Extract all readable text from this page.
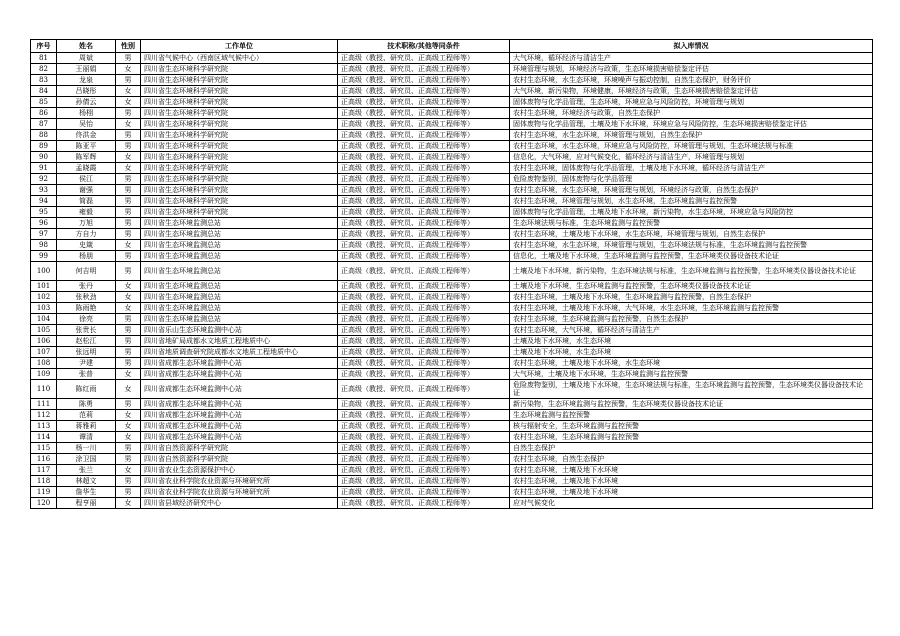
序号	姓名	性别	工作单位	技术职称/其他等同条件	拟入库情况
81	周斌	男	四川省气候中心（西南区域气候中心）	正高级（教授、研究员、正高级工程师等）	大气环境，循环经济与清洁生产
82	王丽娟	女	四川省生态环境科学研究院	正高级（教授、研究员、正高级工程师等）	环境管理与规划，环境经济与政策，生态环境损害赔偿鉴定评估
83	龙泉	男	四川省生态环境科学研究院	正高级（教授、研究员、正高级工程师等）	农村生态环境，水生态环境，环境噪声与振动控制，自然生态保护，财务评价
84	吕晓彤	女	四川省生态环境科学研究院	正高级（教授、研究员、正高级工程师等）	大气环境，新污染物，环境健康，环境经济与政策，生态环境损害赔偿鉴定评估
85	孙倩云	女	四川省生态环境科学研究院	正高级（教授、研究员、正高级工程师等）	固体废物与化学品管理，生态环境，环境应急与风险防控，环境管理与规划
86	杨栩	男	四川省生态环境科学研究院	正高级（教授、研究员、正高级工程师等）	农村生态环境，环境经济与政策，自然生态保护
87	吴怡	女	四川省生态环境科学研究院	正高级（教授、研究员、正高级工程师等）	固体废物与化学品管理，土壤及地下水环境，环境应急与风险防控，生态环境损害赔偿鉴定评估
88	佟洪金	男	四川省生态环境科学研究院	正高级（教授、研究员、正高级工程师等）	农村生态环境，水生态环境，环境管理与规划，自然生态保护
89	陈亚平	男	四川省生态环境科学研究院	正高级（教授、研究员、正高级工程师等）	农村生态环境，水生态环境，环境应急与风险防控，环境管理与规划，生态环境法规与标准
90	陈军辉	女	四川省生态环境科学研究院	正高级（教授、研究员、正高级工程师等）	信息化，大气环境，应对气候变化，循环经济与清洁生产，环境管理与规划
91	孟晓霞	女	四川省生态环境科学研究院	正高级（教授、研究员、正高级工程师等）	农村生态环境，固体废物与化学品管理，土壤及地下水环境，循环经济与清洁生产
92	侯江	男	四川省生态环境科学研究院	正高级（教授、研究员、正高级工程师等）	危险废物鉴别，固体废物与化学品管理
93	谢强	男	四川省生态环境科学研究院	正高级（教授、研究员、正高级工程师等）	农村生态环境，水生态环境，环境管理与规划，环境经济与政策，自然生态保护
94	简磊	男	四川省生态环境科学研究院	正高级（教授、研究员、正高级工程师等）	农村生态环境，环境管理与规划，水生态环境，生态环境监测与监控预警
95	雍毅	男	四川省生态环境科学研究院	正高级（教授、研究员、正高级工程师等）	固体废物与化学品管理，土壤及地下水环境，新污染物，水生态环境，环境应急与风险防控
96	万旭	男	四川省生态环境监测总站	正高级（教授、研究员、正高级工程师等）	生态环境法规与标准，生态环境监测与监控预警
97	方自力	男	四川省生态环境监测总站	正高级（教授、研究员、正高级工程师等）	农村生态环境，土壤及地下水环境，水生态环境，环境管理与规划，自然生态保护
98	史箴	女	四川省生态环境监测总站	正高级（教授、研究员、正高级工程师等）	农村生态环境，水生态环境，环境管理与规划，生态环境法规与标准，生态环境监测与监控预警
99	杨朋	男	四川省生态环境监测总站	正高级（教授、研究员、正高级工程师等）	信息化，土壤及地下水环境，生态环境监测与监控预警，生态环境类仪器设备技术论证
100	何吉明	男	四川省生态环境监测总站	正高级（教授、研究员、正高级工程师等）	土壤及地下水环境，新污染物，生态环境法规与标准，生态环境监测与监控预警，生态环境类仪器设备技术论证
101	张丹	女	四川省生态环境监测总站	正高级（教授、研究员、正高级工程师等）	土壤及地下水环境，生态环境监测与监控预警，生态环境类仪器设备技术论证
102	张秋劲	女	四川省生态环境监测总站	正高级（教授、研究员、正高级工程师等）	农村生态环境，土壤及地下水环境，生态环境监测与监控预警，自然生态保护
103	陈雨艳	女	四川省生态环境监测总站	正高级（教授、研究员、正高级工程师等）	农村生态环境，土壤及地下水环境，大气环境，水生态环境，生态环境监测与监控预警
104	徐亮	男	四川省生态环境监测总站	正高级（教授、研究员、正高级工程师等）	农村生态环境，生态环境监测与监控预警，自然生态保护
105	张贵长	男	四川省乐山生态环境监测中心站	正高级（教授、研究员、正高级工程师等）	农村生态环境，大气环境，循环经济与清洁生产
106	赵松江	男	四川省地矿局成都水文地质工程地质中心	正高级（教授、研究员、正高级工程师等）	土壤及地下水环境，水生态环境
107	张远明	男	四川省地质调查研究院成都水文地质工程地质中心	正高级（教授、研究员、正高级工程师等）	土壤及地下水环境，水生态环境
108	尹建	男	四川省成都生态环境监测中心站	正高级（教授、研究员、正高级工程师等）	农村生态环境，土壤及地下水环境，水生态环境
109	张普	女	四川省成都生态环境监测中心站	正高级（教授、研究员、正高级工程师等）	大气环境，土壤及地下水环境，生态环境监测与监控预警
110	陈红雨	女	四川省成都生态环境监测中心站	正高级（教授、研究员、正高级工程师等）	危险废物鉴别，土壤及地下水环境，生态环境法规与标准，生态环境监测与监控预警，生态环境类仪器设备技术论证
111	陈勇	男	四川省成都生态环境监测中心站	正高级（教授、研究员、正高级工程师等）	新污染物，生态环境监测与监控预警，生态环境类仪器设备技术论证
112	范莉	女	四川省成都生态环境监测中心站	正高级（教授、研究员、正高级工程师等）	生态环境监测与监控预警
113	蒋雅莉	女	四川省成都生态环境监测中心站	正高级（教授、研究员、正高级工程师等）	核与辐射安全，生态环境监测与监控预警
114	谭清	女	四川省成都生态环境监测中心站	正高级（教授、研究员、正高级工程师等）	农村生态环境，生态环境监测与监控预警
115	杨一川	男	四川省自然资源科学研究院	正高级（教授、研究员、正高级工程师等）	自然生态保护
116	涂卫国	男	四川省自然资源科学研究院	正高级（教授、研究员、正高级工程师等）	农村生态环境，自然生态保护
117	张兰	女	四川省农业生态资源保护中心	正高级（教授、研究员、正高级工程师等）	农村生态环境，土壤及地下水环境
118	林超文	男	四川省农业科学院农业资源与环境研究所	正高级（教授、研究员、正高级工程师等）	农村生态环境，土壤及地下水环境
119	詹华生	男	四川省农业科学院农业资源与环境研究所	正高级（教授、研究员、正高级工程师等）	农村生态环境，土壤及地下水环境
120	程亨丽	女	四川省县域经济研究中心	正高级（教授、研究员、正高级工程师等）	应对气候变化
